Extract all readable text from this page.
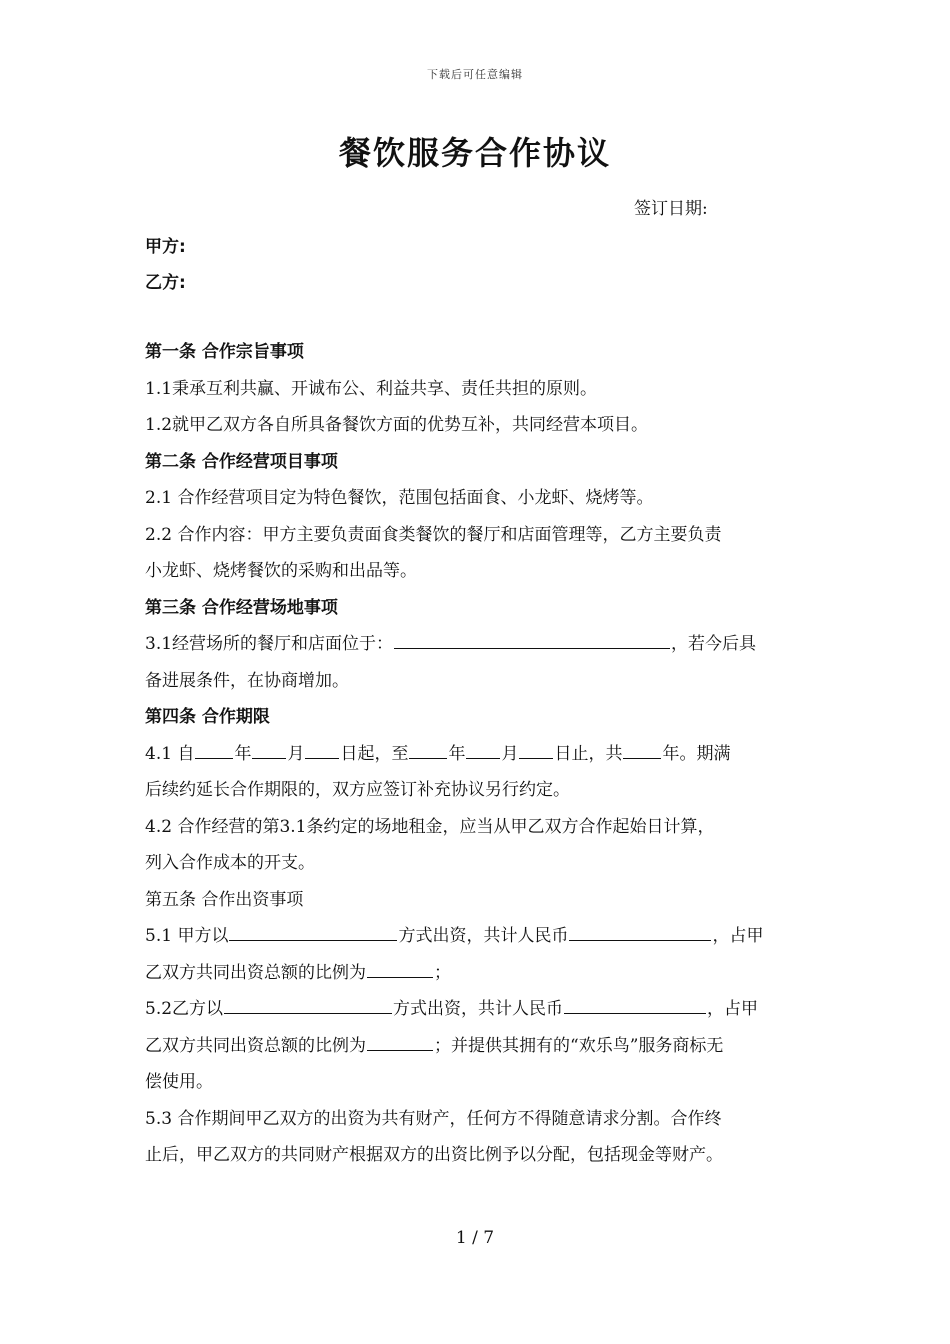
下载后可任意编辑
餐饮服务合作协议
签订日期:
甲方:
乙方:
第一条 合作宗旨事项
1.1秉承互利共赢、开诚布公、利益共享、责任共担的原则。
1.2就甲乙双方各自所具备餐饮方面的优势互补，共同经营本项目。
第二条 合作经营项目事项
2.1 合作经营项目定为特色餐饮，范围包括面食、小龙虾、烧烤等。
2.2 合作内容：甲方主要负责面食类餐饮的餐厅和店面管理等，乙方主要负责
小龙虾、烧烤餐饮的采购和出品等。
第三条 合作经营场地事项
3.1经营场所的餐厅和店面位于：	，若今后具
备进展条件，在协商增加。
第四条 合作期限
4.1 自 年 月 日起，至 年 月 日止，共 年。期满
后续约延长合作期限的，双方应签订补充协议另行约定。
4.2 合作经营的第3.1条约定的场地租金，应当从甲乙双方合作起始日计算，
列入合作成本的开支。
第五条 合作出资事项
5.1 甲方以	方式出资，共计人民币	，占甲
乙双方共同出资总额的比例为	；
5.2乙方以	方式出资，共计人民币	，占甲
乙双方共同出资总额的比例为	；并提供其拥有的“欢乐鸟”服务商标无
偿使用。
5.3 合作期间甲乙双方的出资为共有财产，任何方不得随意请求分割。合作终
止后，甲乙双方的共同财产根据双方的出资比例予以分配，包括现金等财产。
1 / 7
